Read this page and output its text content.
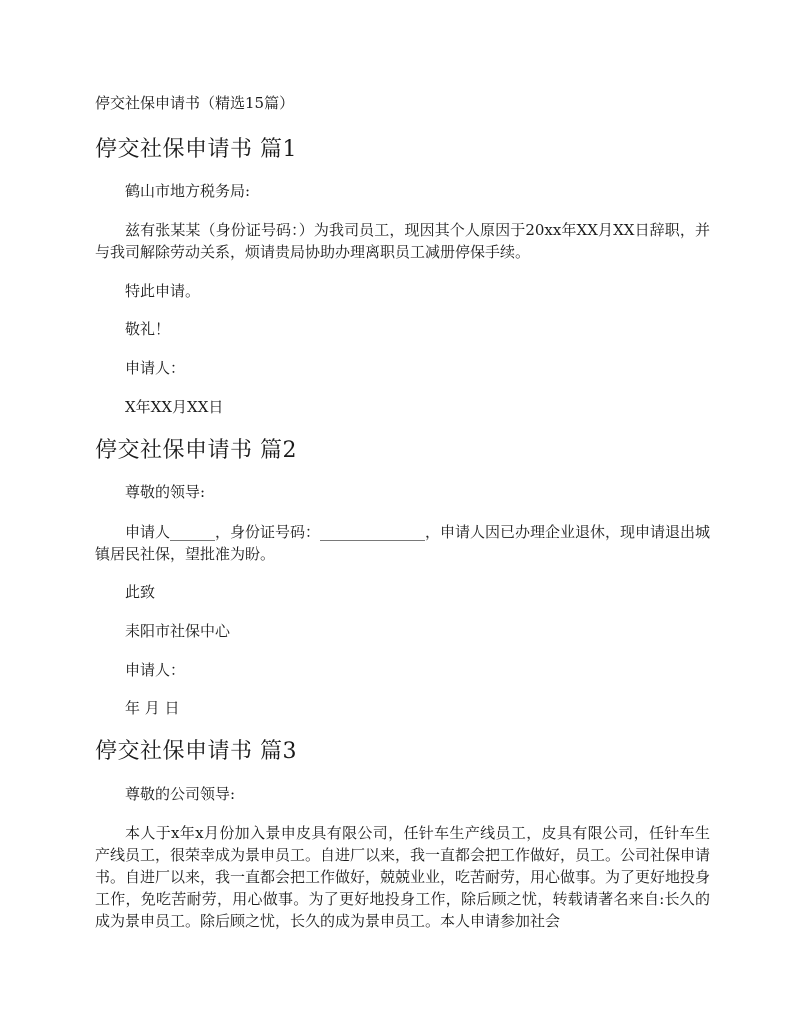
停交社保申请书（精选15篇）
停交社保申请书 篇1
鹤山市地方税务局:
兹有张某某（身份证号码：）为我司员工，现因其个人原因于20xx年XX月XX日辞职，并与我司解除劳动关系，烦请贵局协助办理离职员工减册停保手续。
特此申请。
敬礼！
申请人：
X年XX月XX日
停交社保申请书 篇2
尊敬的领导:
申请人______，身份证号码：______________，申请人因已办理企业退休，现申请退出城镇居民社保，望批准为盼。
此致
耒阳市社保中心
申请人：
年 月 日
停交社保申请书 篇3
尊敬的公司领导:
本人于x年x月份加入景申皮具有限公司，任针车生产线员工，皮具有限公司，任针车生产线员工，很荣幸成为景申员工。自进厂以来，我一直都会把工作做好，员工。公司社保申请书。自进厂以来，我一直都会把工作做好，兢兢业业，吃苦耐劳，用心做事。为了更好地投身工作，免吃苦耐劳，用心做事。为了更好地投身工作，除后顾之忧，转载请著名来自:长久的成为景申员工。除后顾之忧，长久的成为景申员工。本人申请参加社会
